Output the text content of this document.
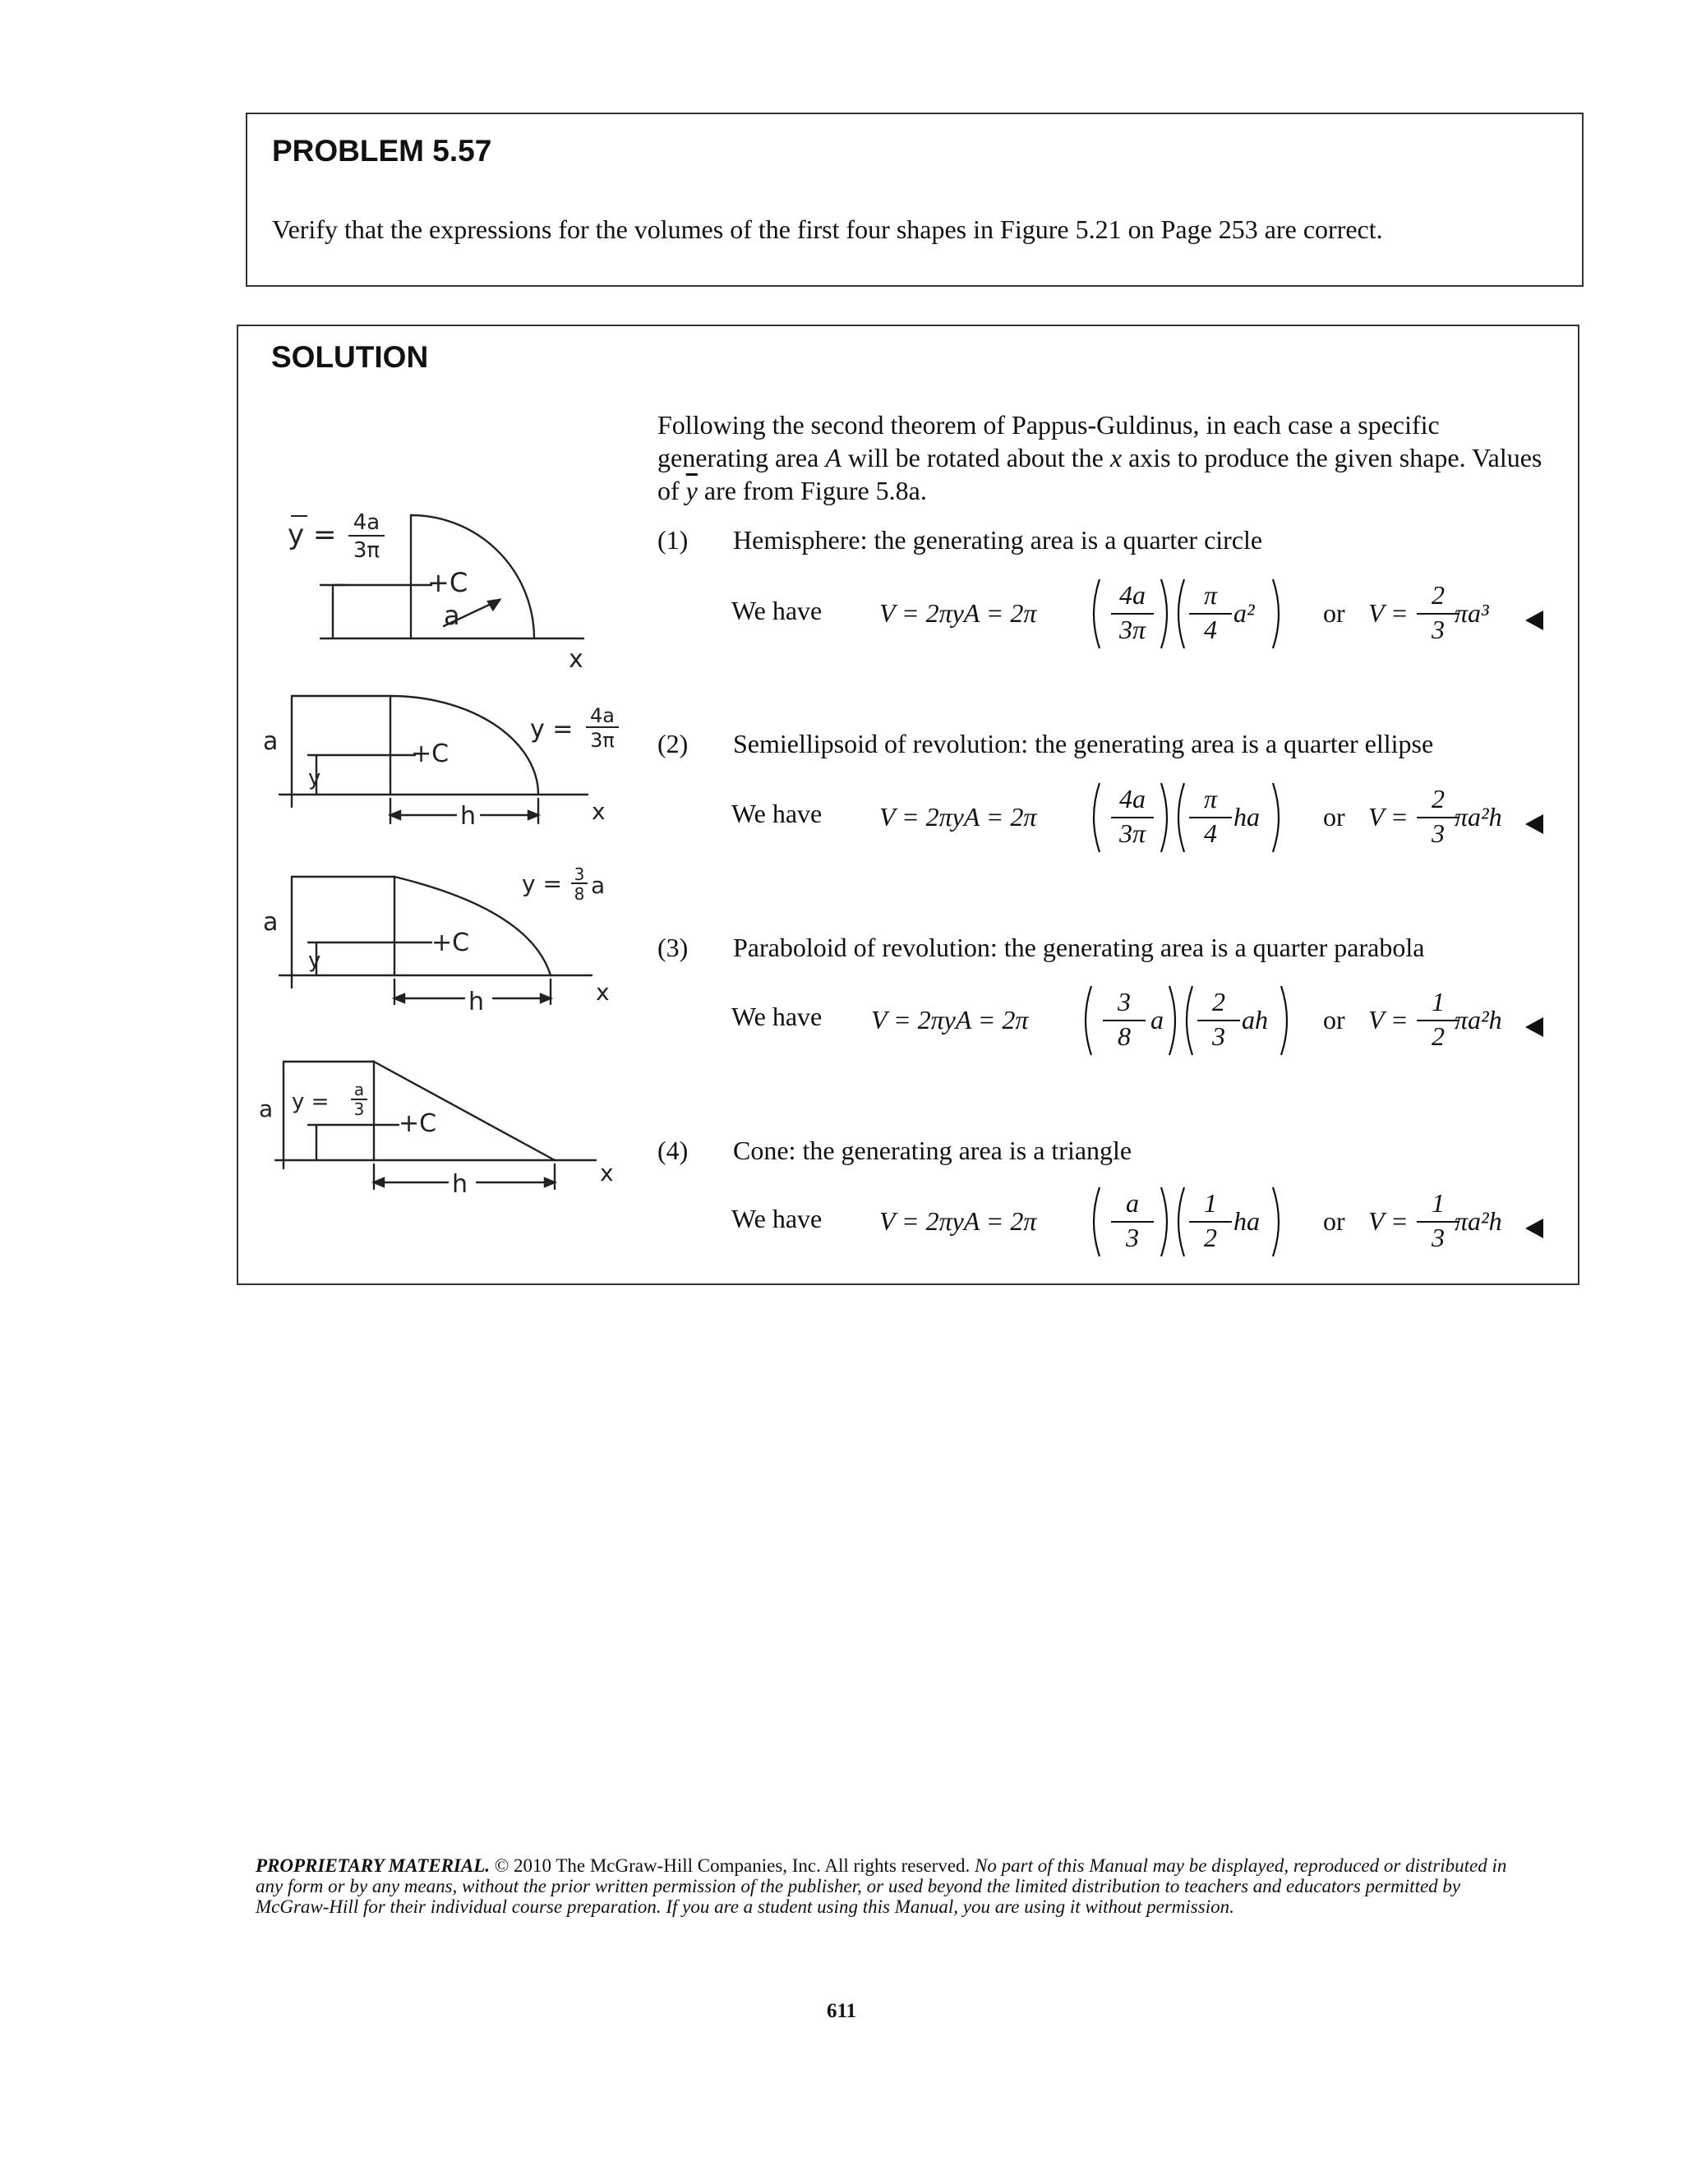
PROBLEM 5.57
Verify that the expressions for the volumes of the first four shapes in Figure 5.21 on Page 253 are correct.
SOLUTION
Following the second theorem of Pappus-Guldinus, in each case a specific generating area A will be rotated about the x axis to produce the given shape. Values of $\overline{y}$ are from Figure 5.8a.
(1) Hemisphere: the generating area is a quarter circle
We have V = 2πyA = 2π
4a
3π
π
4
a²	or V =
2
3
πa³
(2) Semiellipsoid of revolution: the generating area is a quarter ellipse
We have V = 2πyA = 2π
4a
3π
π
4
ha or V =
2
3
πa²h
(3) Paraboloid of revolution: the generating area is a quarter parabola
We have V = 2πyA = 2π
3
8
a
2
3
ah or V =
1
2
πa²h
(4) Cone: the generating area is a triangle
We have V = 2πyA = 2π
a
3
1
2
ha or V =
1
3
πa²h
y = 4a
3π
+C
a
x
a
y
+C
h	x
y = 4a
3π
a
y
+C
h	x
y = 3
8 a
a y = a
3 +C
h	x
PROPRIETARY MATERIAL. © 2010 The McGraw-Hill Companies, Inc. All rights reserved. No part of this Manual may be displayed, reproduced or distributed in any form or by any means, without the prior written permission of the publisher, or used beyond the limited distribution to teachers and educators permitted by McGraw-Hill for their individual course preparation. If you are a student using this Manual, you are using it without permission.
611
